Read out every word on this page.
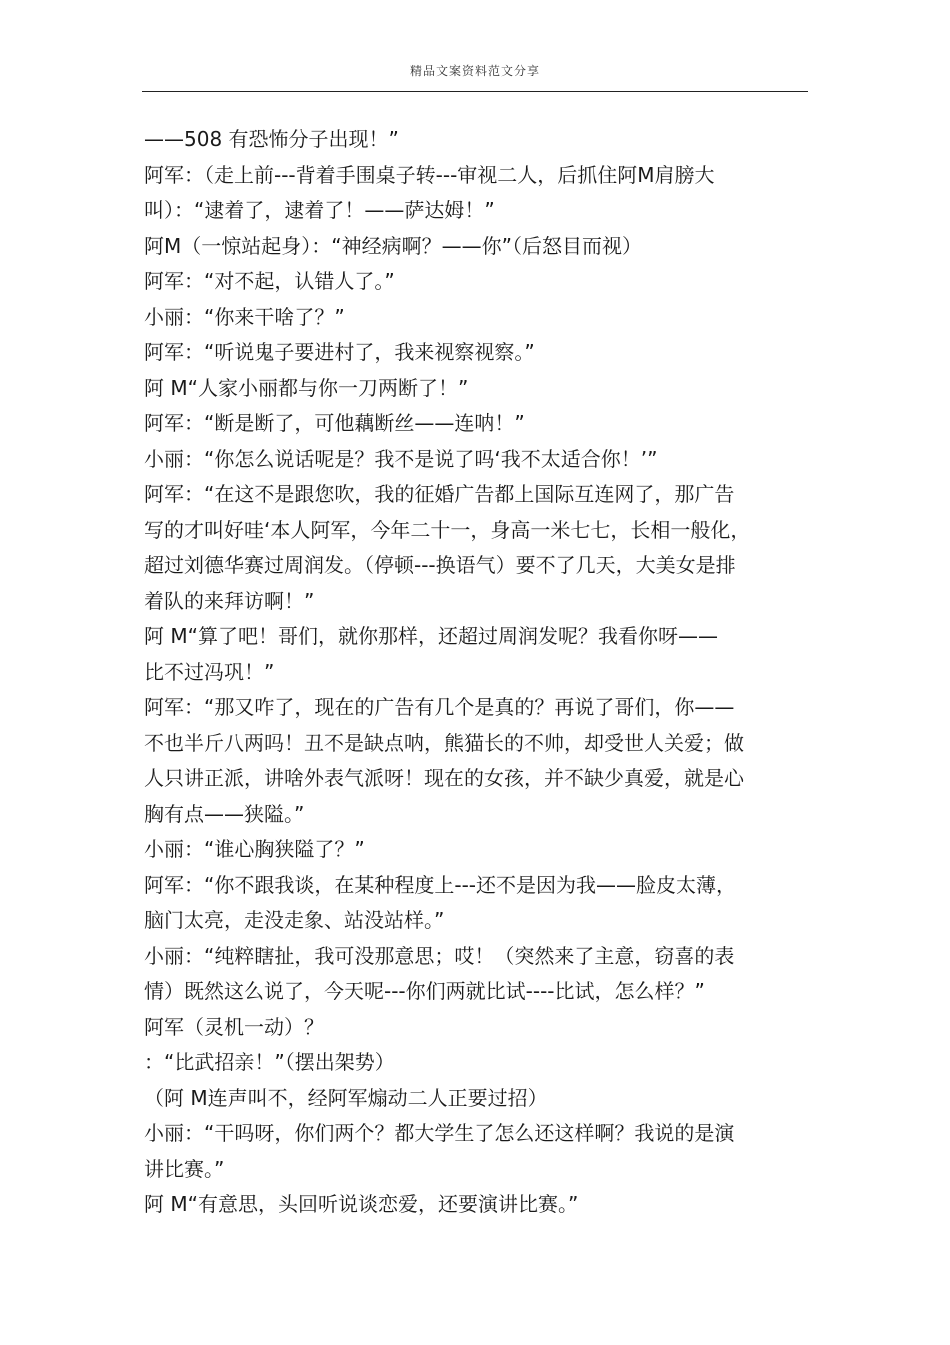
精品文案资料范文分享
——508 有恐怖分子出现！”
阿军：（走上前---背着手围桌子转---审视二人，后抓住阿M肩膀大
叫）：“逮着了，逮着了！——萨达姆！”
阿M（一惊站起身）：“神经病啊？——你”（后怒目而视）
阿军：“对不起，认错人了。”
小丽：“你来干啥了？”
阿军：“听说鬼子要进村了，我来视察视察。”
阿 M“人家小丽都与你一刀两断了！”
阿军：“断是断了，可他藕断丝——连呐！”
小丽：“你怎么说话呢是？我不是说了吗‘我不太适合你！’”
阿军：“在这不是跟您吹，我的征婚广告都上国际互连网了，那广告
写的才叫好哇‘本人阿军，今年二十一，身高一米七七，长相一般化，
超过刘德华赛过周润发。（停顿---换语气）要不了几天，大美女是排
着队的来拜访啊！”
阿 M“算了吧！哥们，就你那样，还超过周润发呢？我看你呀——
比不过冯巩！”
阿军：“那又咋了，现在的广告有几个是真的？再说了哥们，你——
不也半斤八两吗！丑不是缺点呐，熊猫长的不帅，却受世人关爱；做
人只讲正派，讲啥外表气派呀！现在的女孩，并不缺少真爱，就是心
胸有点——狭隘。”
小丽：“谁心胸狭隘了？”
阿军：“你不跟我谈，在某种程度上---还不是因为我——脸皮太薄，
脑门太亮，走没走象、站没站样。”
小丽：“纯粹瞎扯，我可没那意思；哎！（突然来了主意，窃喜的表
情）既然这么说了，今天呢---你们两就比试----比试，怎么样？”
阿军（灵机一动）？
：“比武招亲！”（摆出架势）
（阿 M连声叫不，经阿军煽动二人正要过招）
小丽：“干吗呀，你们两个？都大学生了怎么还这样啊？我说的是演
讲比赛。”
阿 M“有意思，头回听说谈恋爱，还要演讲比赛。”
